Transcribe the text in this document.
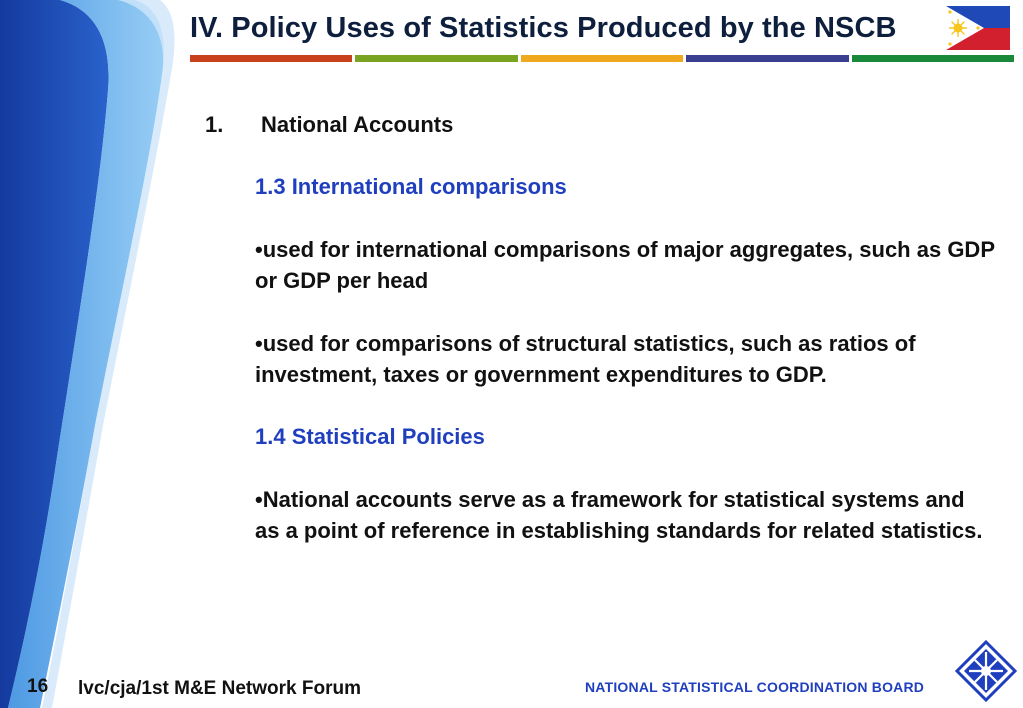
IV. Policy Uses of Statistics Produced by the NSCB

1. National Accounts

1.3 International comparisons
•used for international comparisons of major aggregates, such as GDP or GDP per head
•used for comparisons of structural statistics, such as ratios of investment, taxes or government expenditures to GDP.
1.4 Statistical Policies
•National accounts serve as a framework for statistical systems and as a point of reference in establishing standards for related statistics.
16 lvc/cja/1st M&E Network Forum	NATIONAL STATISTICAL COORDINATION BOARD
